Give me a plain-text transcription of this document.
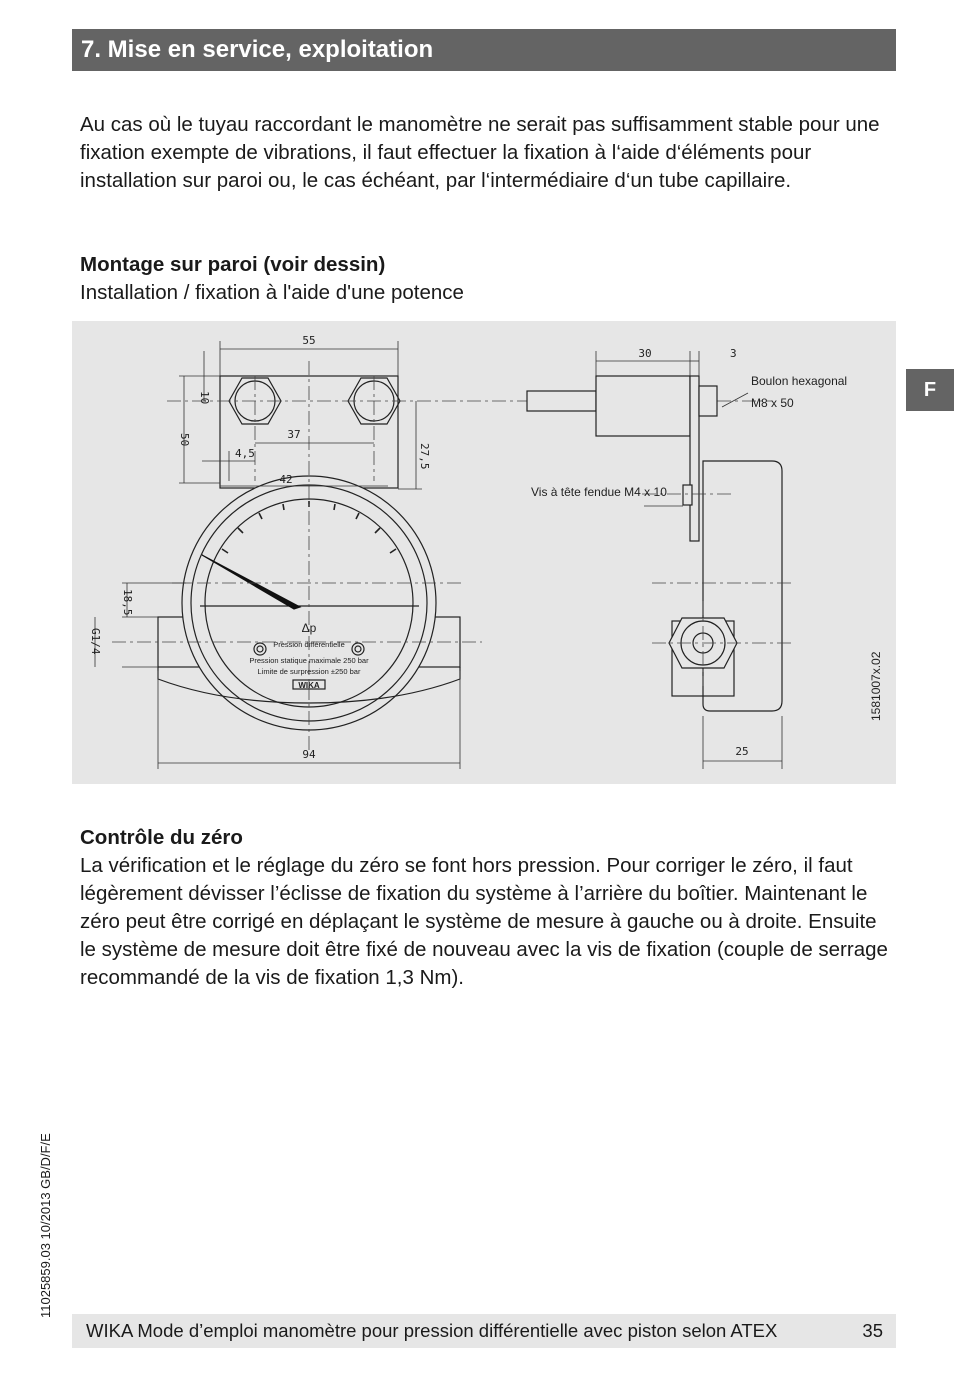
7. Mise en service, exploitation
F

Au cas où le tuyau raccordant le manomètre ne serait pas suffisamment stable pour une fixation exempte de vibrations, il faut effectuer la fixation à l‘aide d‘éléments pour installation sur paroi ou, le cas échéant, par l‘intermédiaire d‘un tube capillaire.

Montage sur paroi (voir dessin)

Installation / fixation à l'aide d'une potence

55
10
50	37
4,5	27,5
42
18,5
G1/4
94
30	3
25
Boulon hexagonal
M8 x 50
Vis à tête fendue M4 x 10
Δp
Pression différentielle
Pression statique maximale 250 bar
Limite de surpression ±250 bar
WIKA	1581007x.02

Contrôle du zéro

La vérification et le réglage du zéro se font hors pression. Pour corriger le zéro, il faut légèrement dévisser l’éclisse de fixation du système à l’arrière du boîtier. Maintenant le zéro peut être corrigé en déplaçant le système de mesure à gauche ou à droite. Ensuite le système de mesure doit être fixé de nouveau avec la vis de fixation (couple de serrage recommandé de la vis de fixation 1,3 Nm).

11025859.03 10/2013 GB/D/F/E
WIKA Mode d’emploi manomètre pour pression différentielle avec piston selon ATEX	35
